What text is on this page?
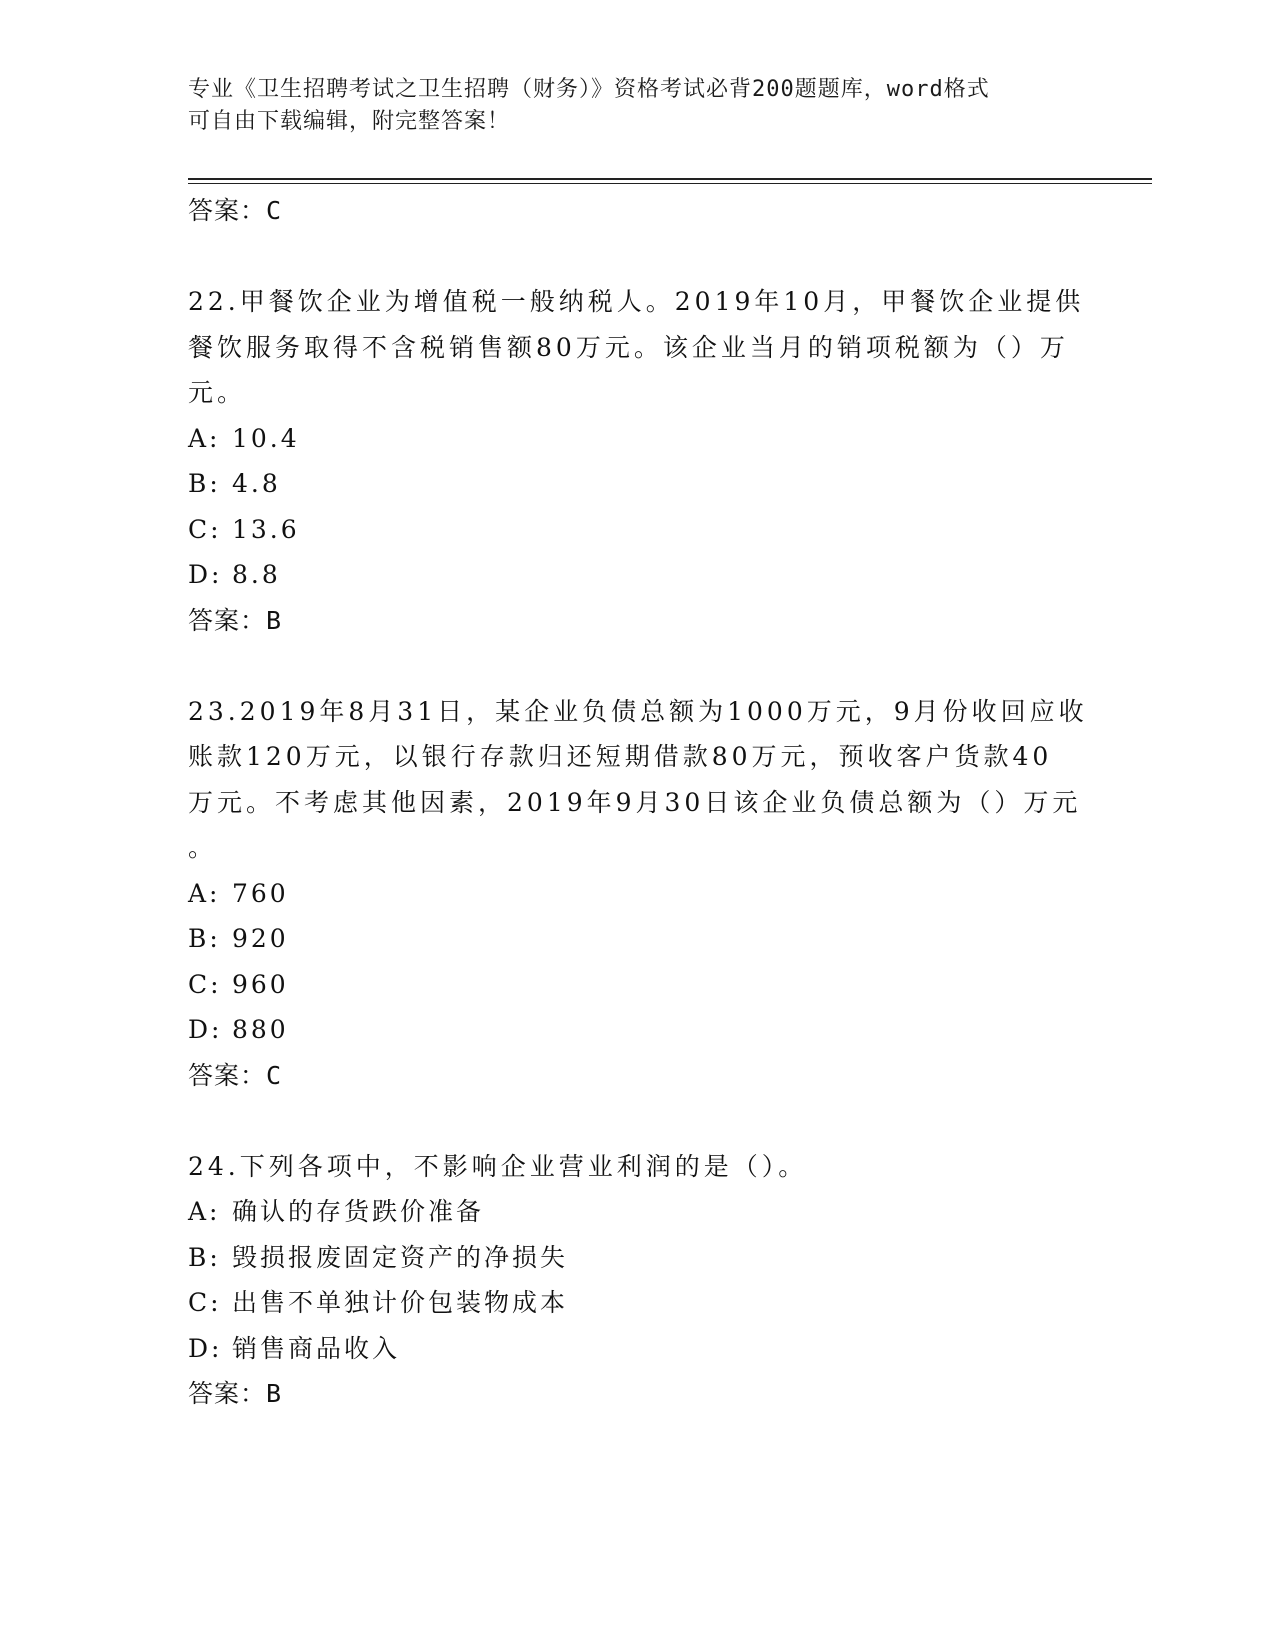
专业《卫生招聘考试之卫生招聘（财务）》资格考试必背200题题库，word格式
可自由下载编辑，附完整答案！
答案：C
22.甲餐饮企业为增值税一般纳税人。2019年10月，甲餐饮企业提供
餐饮服务取得不含税销售额80万元。该企业当月的销项税额为（）万
元。
A: 10.4
B: 4.8
C: 13.6
D: 8.8
答案：B
23.2019年8月31日，某企业负债总额为1000万元，9月份收回应收
账款120万元，以银行存款归还短期借款80万元，预收客户货款40
万元。不考虑其他因素，2019年9月30日该企业负债总额为（）万元
。
A: 760
B: 920
C: 960
D: 880
答案：C
24.下列各项中，不影响企业营业利润的是（）。
A: 确认的存货跌价准备
B: 毁损报废固定资产的净损失
C: 出售不单独计价包装物成本
D: 销售商品收入
答案：B
